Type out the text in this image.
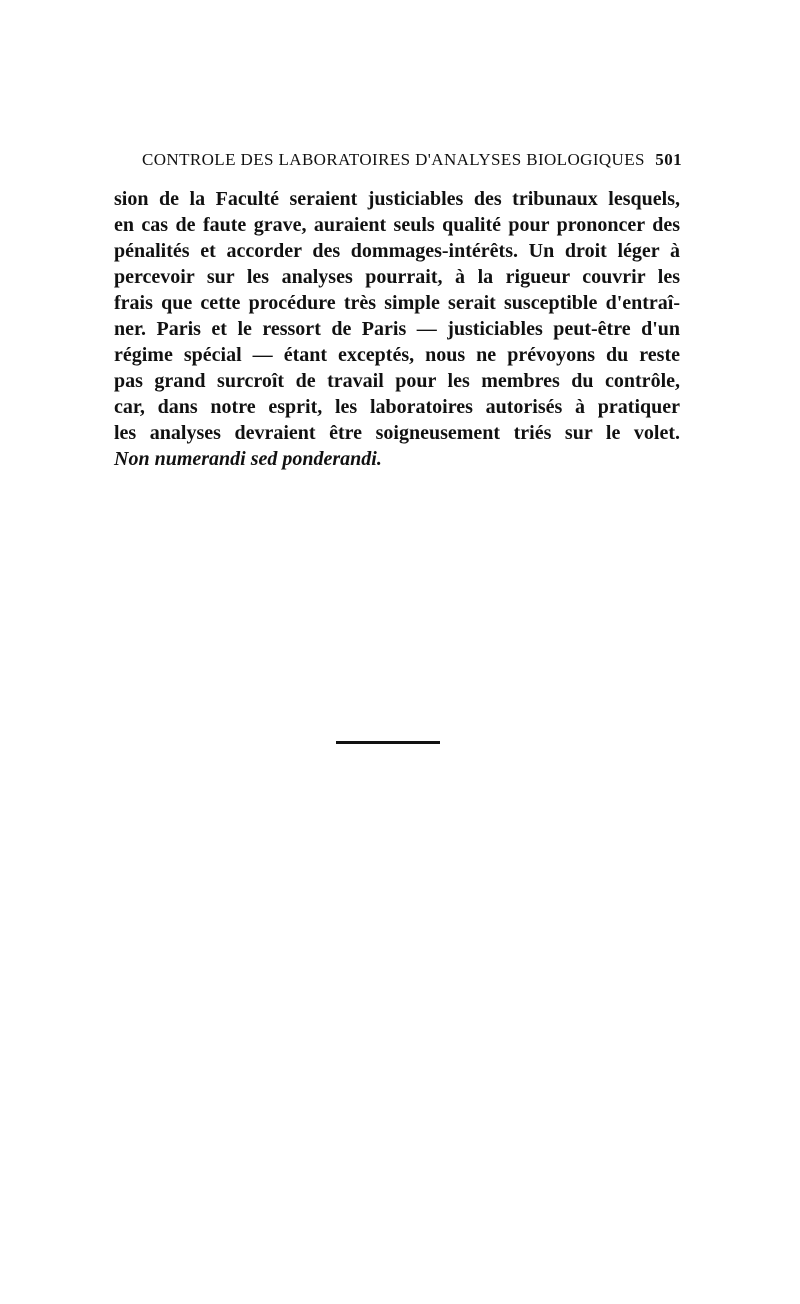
CONTROLE DES LABORATOIRES D'ANALYSES BIOLOGIQUES 501
sion de la Faculté seraient justiciables des tribunaux lesquels,
en cas de faute grave, auraient seuls qualité pour prononcer des
pénalités et accorder des dommages-intérêts. Un droit léger à
percevoir sur les analyses pourrait, à la rigueur couvrir les
frais que cette procédure très simple serait susceptible d'entraî-
ner. Paris et le ressort de Paris — justiciables peut-être d'un
régime spécial — étant exceptés, nous ne prévoyons du reste
pas grand surcroît de travail pour les membres du contrôle,
car, dans notre esprit, les laboratoires autorisés à pratiquer
les analyses devraient être soigneusement triés sur le volet.
Non numerandi sed ponderandi.
